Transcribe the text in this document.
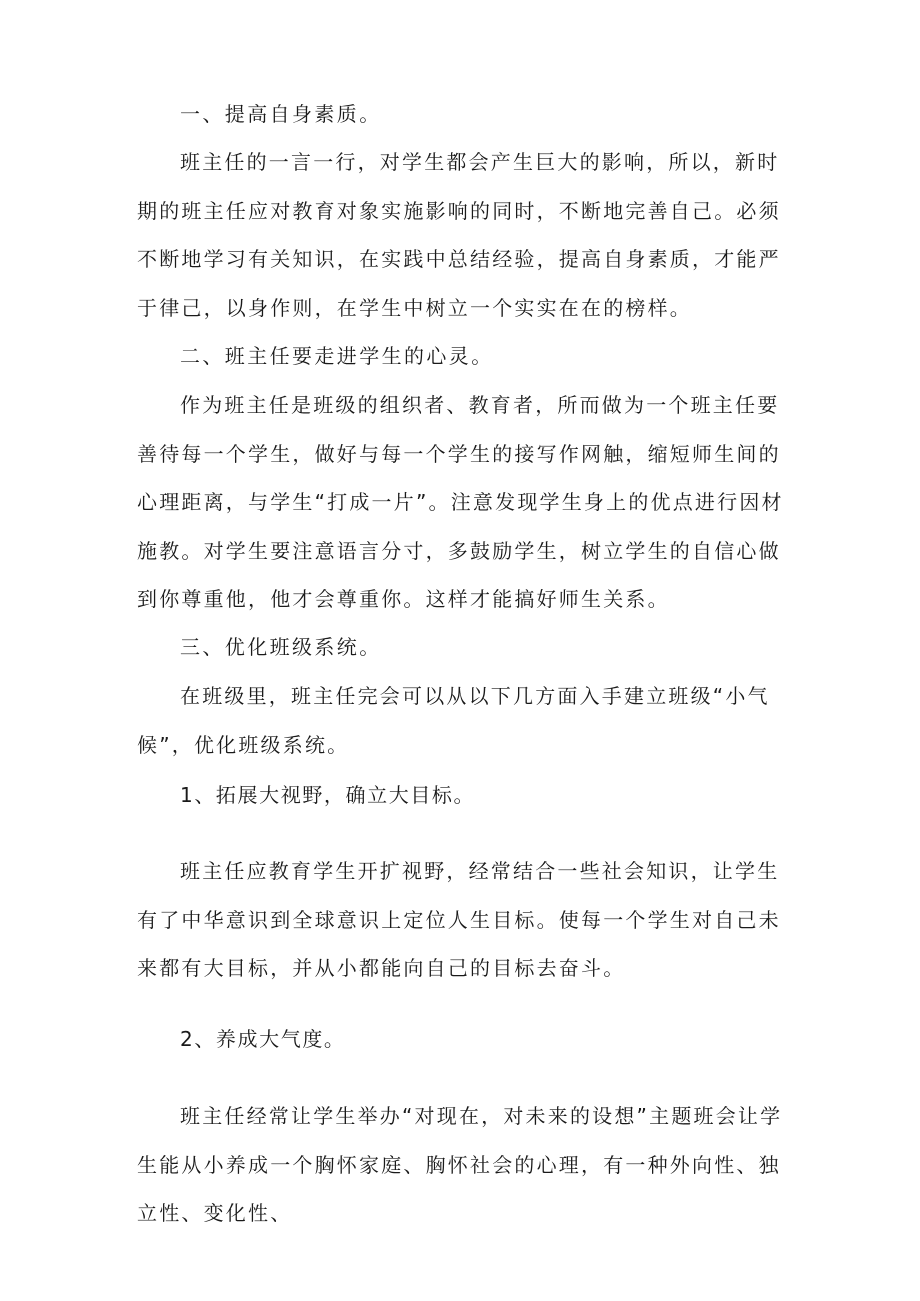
一、提高自身素质。

班主任的一言一行，对学生都会产生巨大的影响，所以，新时期的班主任应对教育对象实施影响的同时，不断地完善自己。必须不断地学习有关知识，在实践中总结经验，提高自身素质，才能严于律己，以身作则，在学生中树立一个实实在在的榜样。

二、班主任要走进学生的心灵。

作为班主任是班级的组织者、教育者，所而做为一个班主任要善待每一个学生，做好与每一个学生的接写作网触，缩短师生间的心理距离，与学生“打成一片”。注意发现学生身上的优点进行因材施教。对学生要注意语言分寸，多鼓励学生，树立学生的自信心做到你尊重他，他才会尊重你。这样才能搞好师生关系。

三、优化班级系统。

在班级里，班主任完会可以从以下几方面入手建立班级“小气候”，优化班级系统。

1、拓展大视野，确立大目标。

班主任应教育学生开扩视野，经常结合一些社会知识，让学生有了中华意识到全球意识上定位人生目标。使每一个学生对自己未来都有大目标，并从小都能向自己的目标去奋斗。

2、养成大气度。

班主任经常让学生举办“对现在，对未来的设想”主题班会让学生能从小养成一个胸怀家庭、胸怀社会的心理，有一种外向性、独立性、变化性、
